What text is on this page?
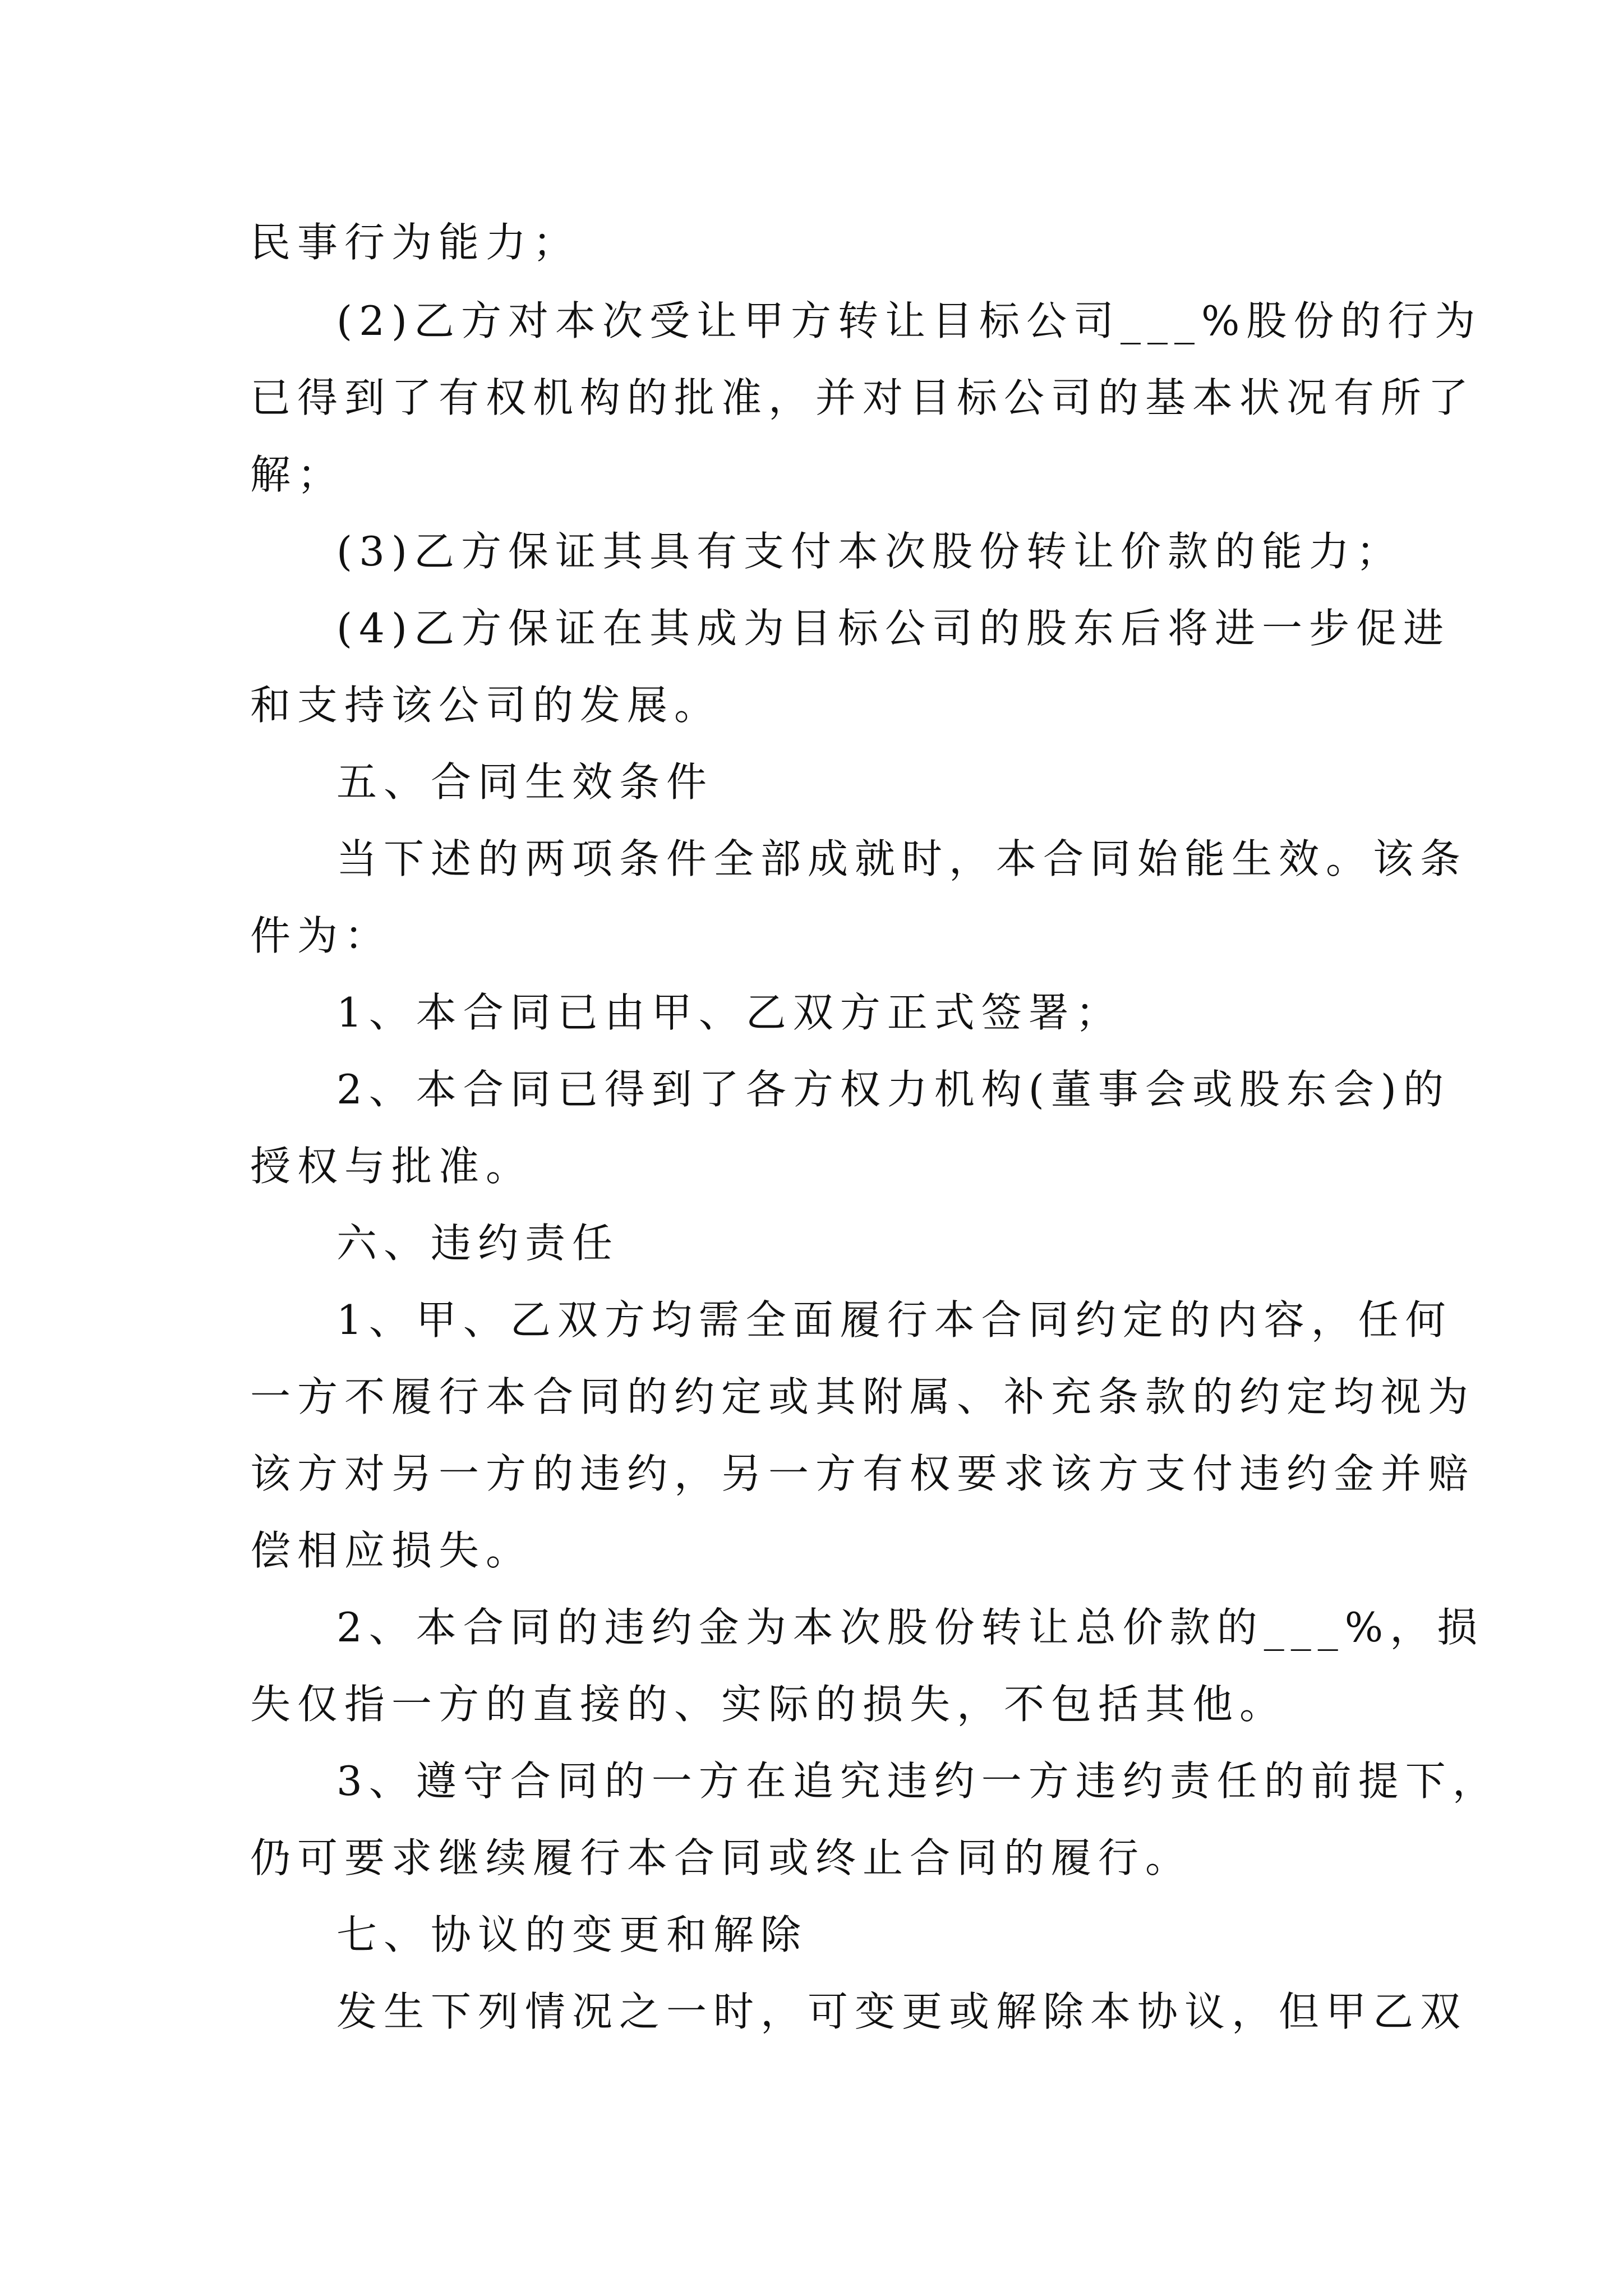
民事行为能力；
(2)乙方对本次受让甲方转让目标公司___%股份的行为
已得到了有权机构的批准，并对目标公司的基本状况有所了
解；
(3)乙方保证其具有支付本次股份转让价款的能力；
(4)乙方保证在其成为目标公司的股东后将进一步促进
和支持该公司的发展。
五、合同生效条件
当下述的两项条件全部成就时，本合同始能生效。该条
件为：
1、本合同已由甲、乙双方正式签署；
2、本合同已得到了各方权力机构(董事会或股东会)的
授权与批准。
六、违约责任
1、甲、乙双方均需全面履行本合同约定的内容，任何
一方不履行本合同的约定或其附属、补充条款的约定均视为
该方对另一方的违约，另一方有权要求该方支付违约金并赔
偿相应损失。
2、本合同的违约金为本次股份转让总价款的___%，损
失仅指一方的直接的、实际的损失，不包括其他。
3、遵守合同的一方在追究违约一方违约责任的前提下，
仍可要求继续履行本合同或终止合同的履行。
七、协议的变更和解除
发生下列情况之一时，可变更或解除本协议，但甲乙双
